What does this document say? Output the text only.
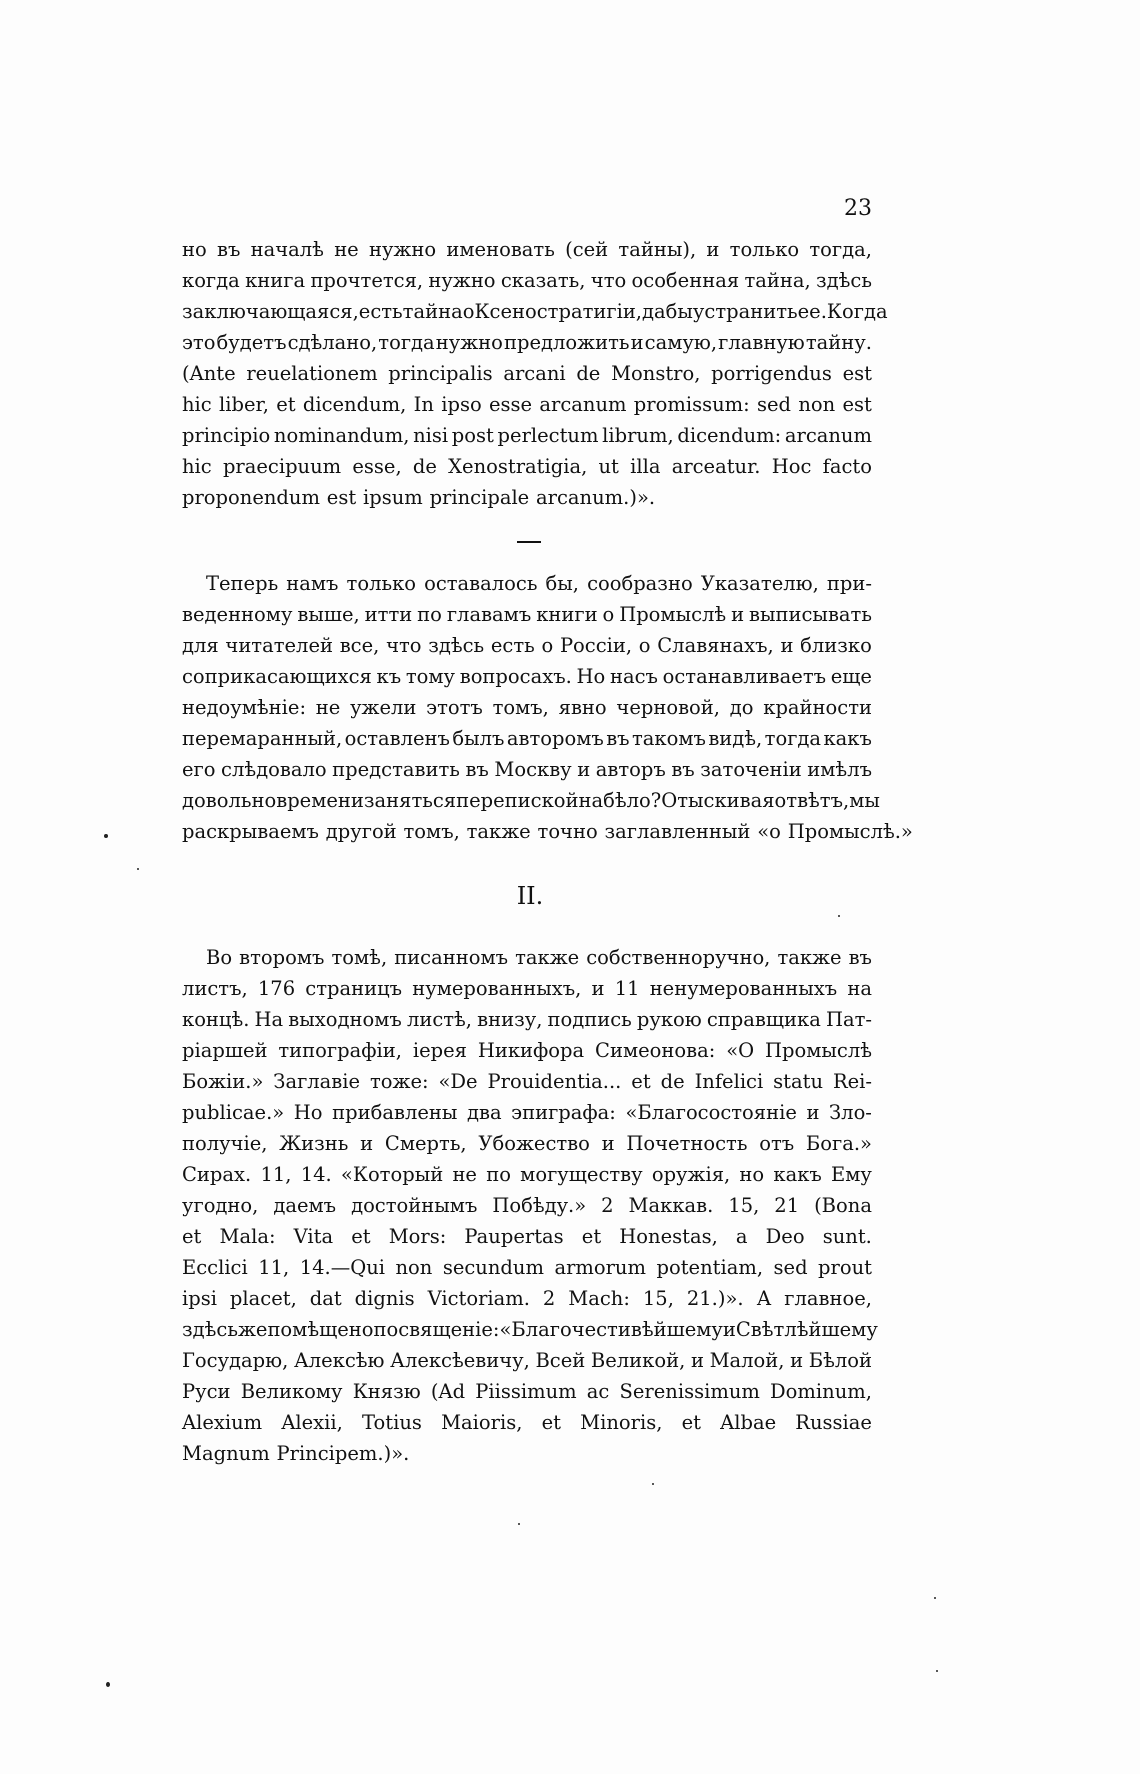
23
но въ началѣ не нужно именовать (сей тайны), и только тогда,
когда книга прочтется, нужно сказать, что особенная тайна, здѣсь
заключающаяся, есть тайна о Ксеностратигіи, дабы устранить ее. Когда
это будетъ сдѣлано, тогда нужно предложить и самую, главную тайну.
(Ante reuelationem principalis arcani de Monstro, porrigendus est
hic liber, et dicendum, In ipso esse arcanum promissum: sed non est
principio nominandum, nisi post perlectum librum, dicendum: arcanum
hic praecipuum esse, de Xenostratigia, ut illa arceatur. Hoc facto
proponendum est ipsum principale arcanum.)».
Теперь намъ только оставалось бы, сообразно Указателю, при-
веденному выше, итти по главамъ книги о Промыслѣ и выписывать
для читателей все, что здѣсь есть о Россіи, о Славянахъ, и близко
соприкасающихся къ тому вопросахъ. Но насъ останавливаетъ еще
недоумѣніе: не ужели этотъ томъ, явно черновой, до крайности
перемаранный, оставленъ былъ авторомъ въ такомъ видѣ, тогда какъ
его слѣдовало представить въ Москву и авторъ въ заточеніи имѣлъ
довольно времени заняться перепиской на бѣло? Отыскивая отвѣтъ, мы
раскрываемъ другой томъ, также точно заглавленный «о Промыслѣ.»
II.
Во второмъ томѣ, писанномъ также собственноручно, также въ
листъ, 176 страницъ нумерованныхъ, и 11 ненумерованныхъ на
концѣ. На выходномъ листѣ, внизу, подпись рукою справщика Пат-
ріаршей типографіи, іерея Никифора Симеонова: «О Промыслѣ
Божіи.» Заглавіе тоже: «De Prouidentia... et de Infelici statu Rei-
publicae.» Но прибавлены два эпиграфа: «Благосостояніе и Зло-
получіе, Жизнь и Смерть, Убожество и Почетность отъ Бога.»
Сирах. 11, 14. «Который не по могуществу оружія, но какъ Ему
угодно, даемъ достойнымъ Побѣду.» 2 Маккав. 15, 21 (Bona
et Mala: Vita et Mors: Paupertas et Honestas, a Deo sunt.
Ecclici 11, 14.—Qui non secundum armorum potentiam, sed prout
ipsi placet, dat dignis Victoriam. 2 Mach: 15, 21.)». А главное,
здѣсь же помѣщено посвященіе: «Благочестивѣйшему и Свѣтлѣйшему
Государю, Алексѣю Алексѣевичу, Всей Великой, и Малой, и Бѣлой
Руси Великому Князю (Ad Piissimum ac Serenissimum Dominum,
Alexium Alexii, Totius Maioris, et Minoris, et Albae Russiae
Magnum Principem.)».
